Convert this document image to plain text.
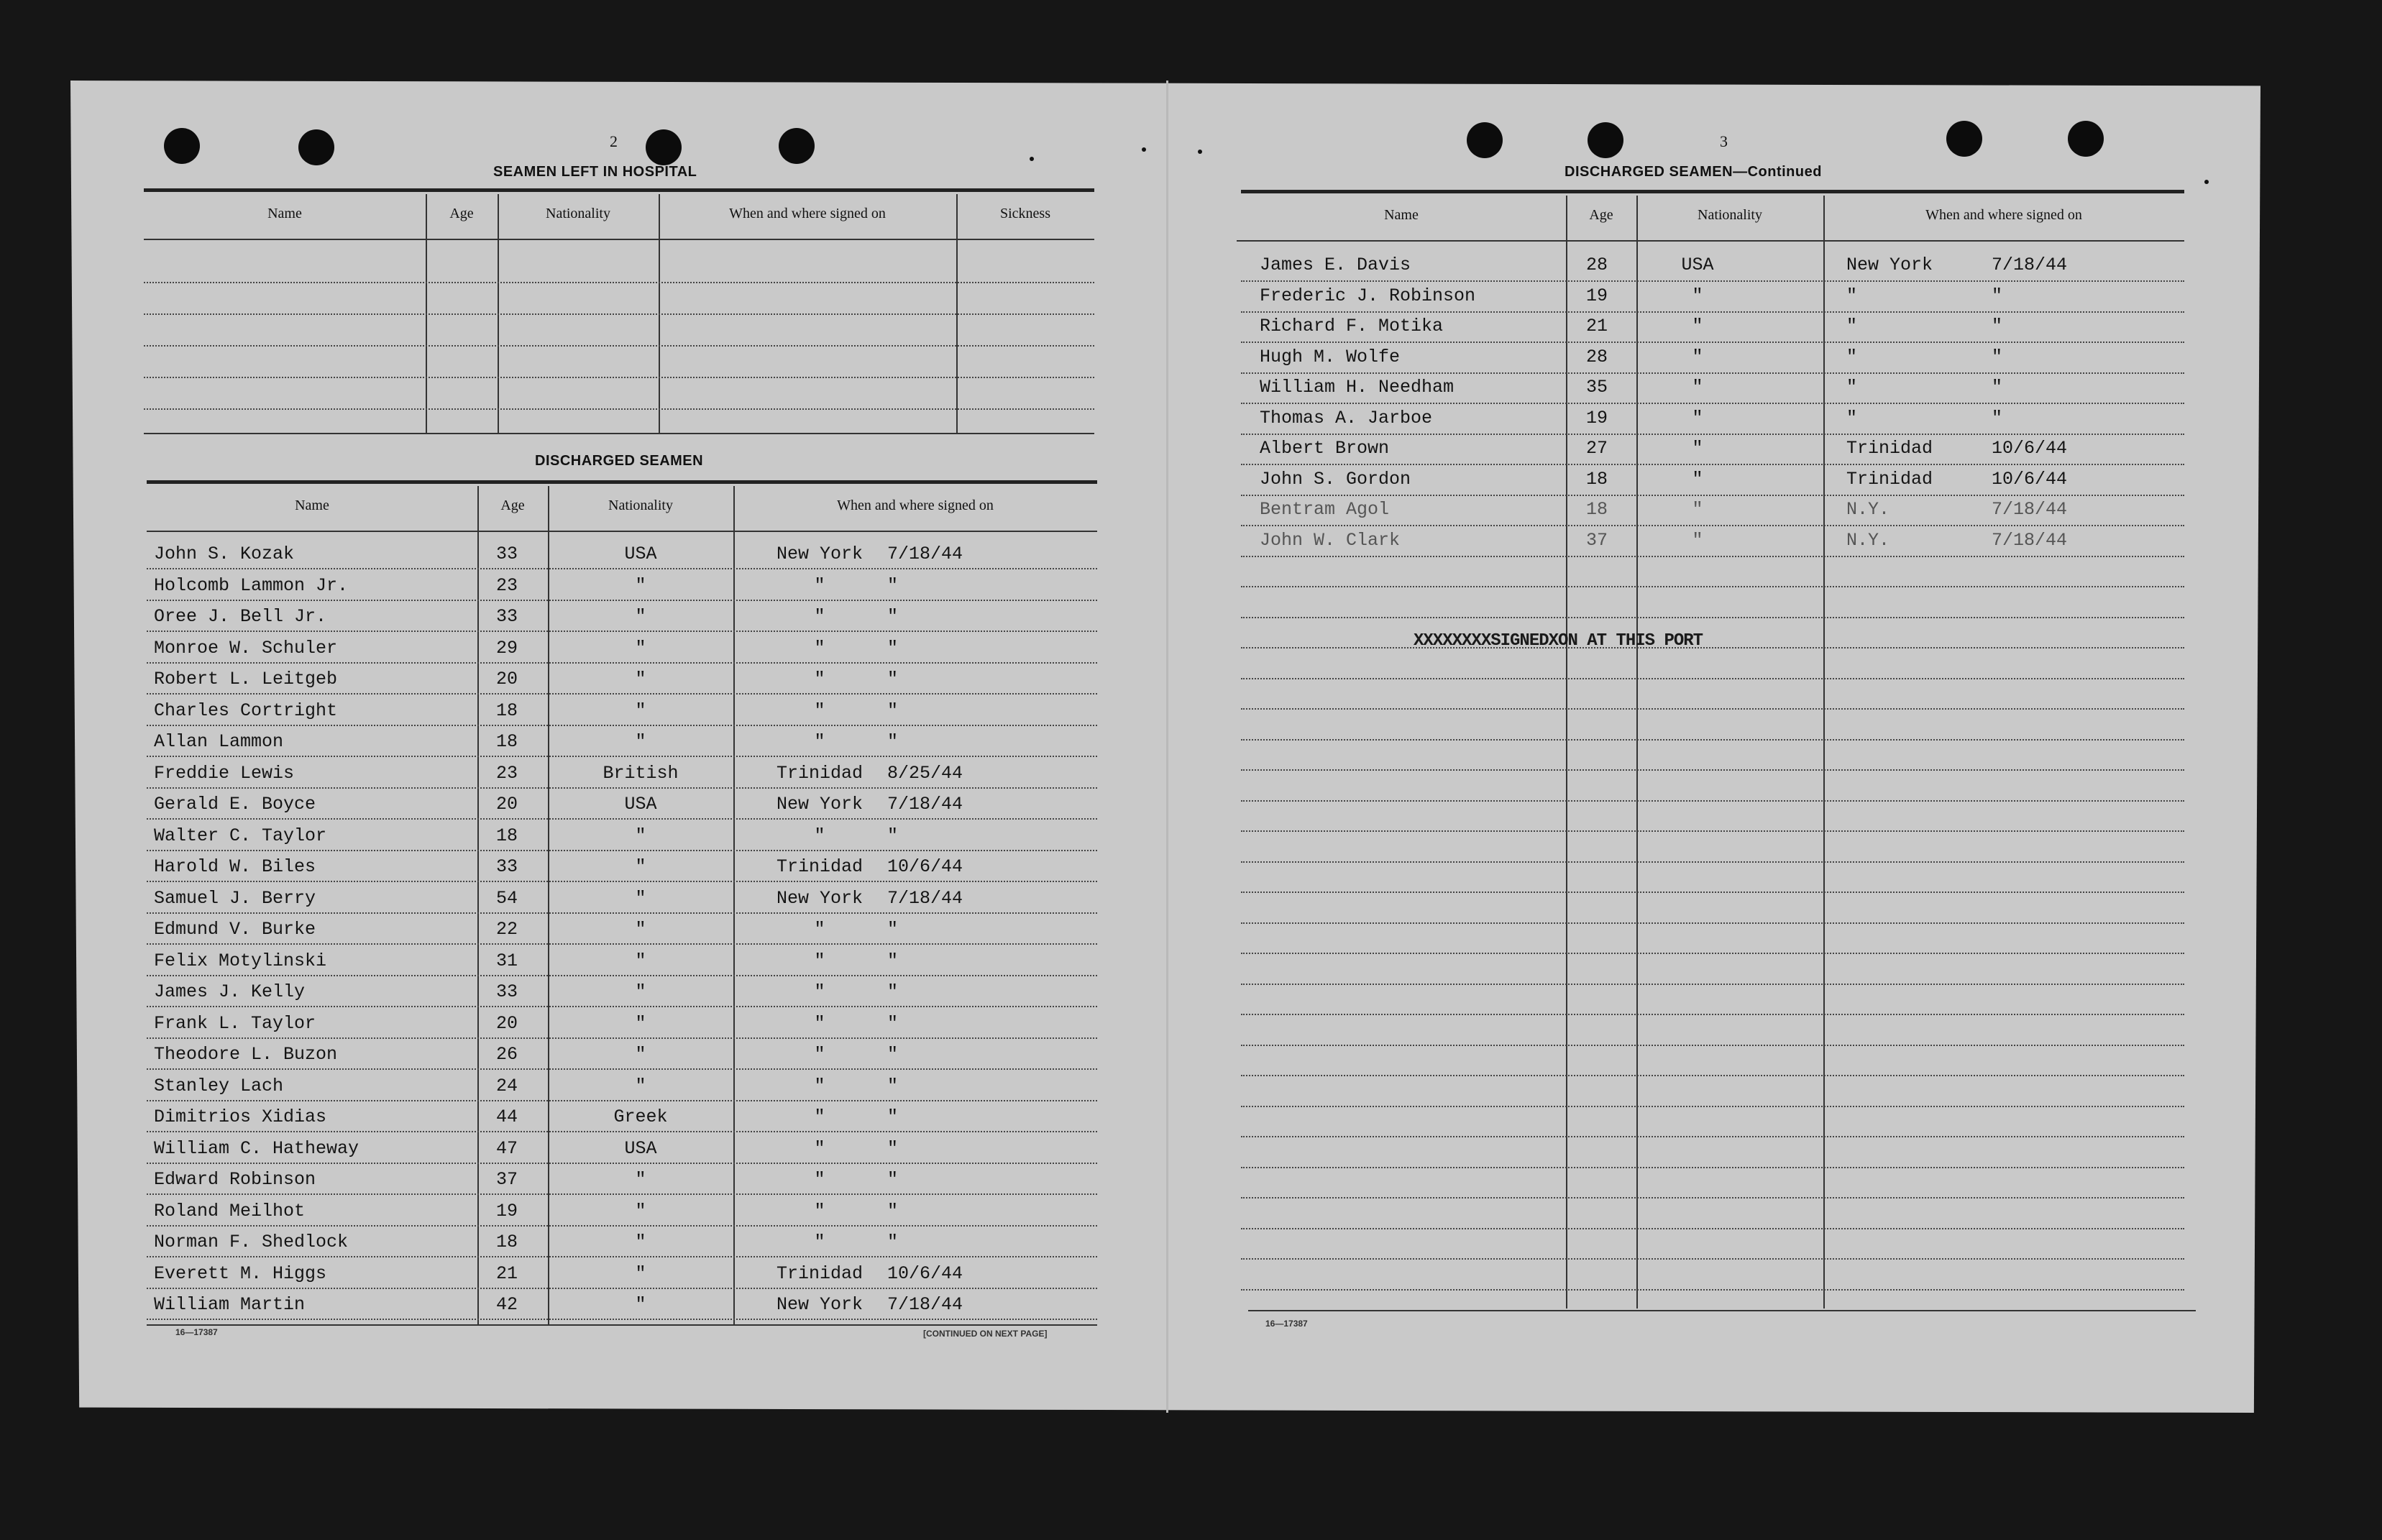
2
SEAMEN LEFT IN HOSPITAL
Name	Age	Nationality	When and where signed on	Sickness
DISCHARGED SEAMEN
Name	Age	Nationality	When and where signed on
John S. Kozak	33	USA	New York	7/18/44
Holcomb Lammon Jr.	23	"	"	"
Oree J. Bell Jr.	33	"	"	"
Monroe W. Schuler	29	"	"	"
Robert L. Leitgeb	20	"	"	"
Charles Cortright	18	"	"	"
Allan Lammon	18	"	"	"
Freddie Lewis	23	British	Trinidad	8/25/44
Gerald E. Boyce	20	USA	New York	7/18/44
Walter C. Taylor	18	"	"	"
Harold W. Biles	33	"	Trinidad	10/6/44
Samuel J. Berry	54	"	New York	7/18/44
Edmund V. Burke	22	"	"	"
Felix Motylinski	31	"	"	"
James J. Kelly	33	"	"	"
Frank L. Taylor	20	"	"	"
Theodore L. Buzon	26	"	"	"
Stanley Lach	24	"	"	"
Dimitrios Xidias	44	Greek	"	"
William C. Hatheway	47	USA	"	"
Edward Robinson	37	"	"	"
Roland Meilhot	19	"	"	"
Norman F. Shedlock	18	"	"	"
Everett M. Higgs	21	"	Trinidad	10/6/44
William Martin	42	"	New York	7/18/44
16—17387	[CONTINUED ON NEXT PAGE]
3
DISCHARGED SEAMEN—Continued
Name	Age	Nationality	When and where signed on
James E. Davis	28	USA	New York	7/18/44
Frederic J. Robinson	19	"	"	"
Richard F. Motika	21	"	"	"
Hugh M. Wolfe	28	"	"	"
William H. Needham	35	"	"	"
Thomas A. Jarboe	19	"	"	"
Albert Brown	27	"	Trinidad	10/6/44
John S. Gordon	18	"	Trinidad	10/6/44
Bentram Agol	18	"	N.Y.	7/18/44
John W. Clark	37	"	N.Y.	7/18/44
XXXXXXXXSIGNEDXON AT THIS PORT
16—17387
